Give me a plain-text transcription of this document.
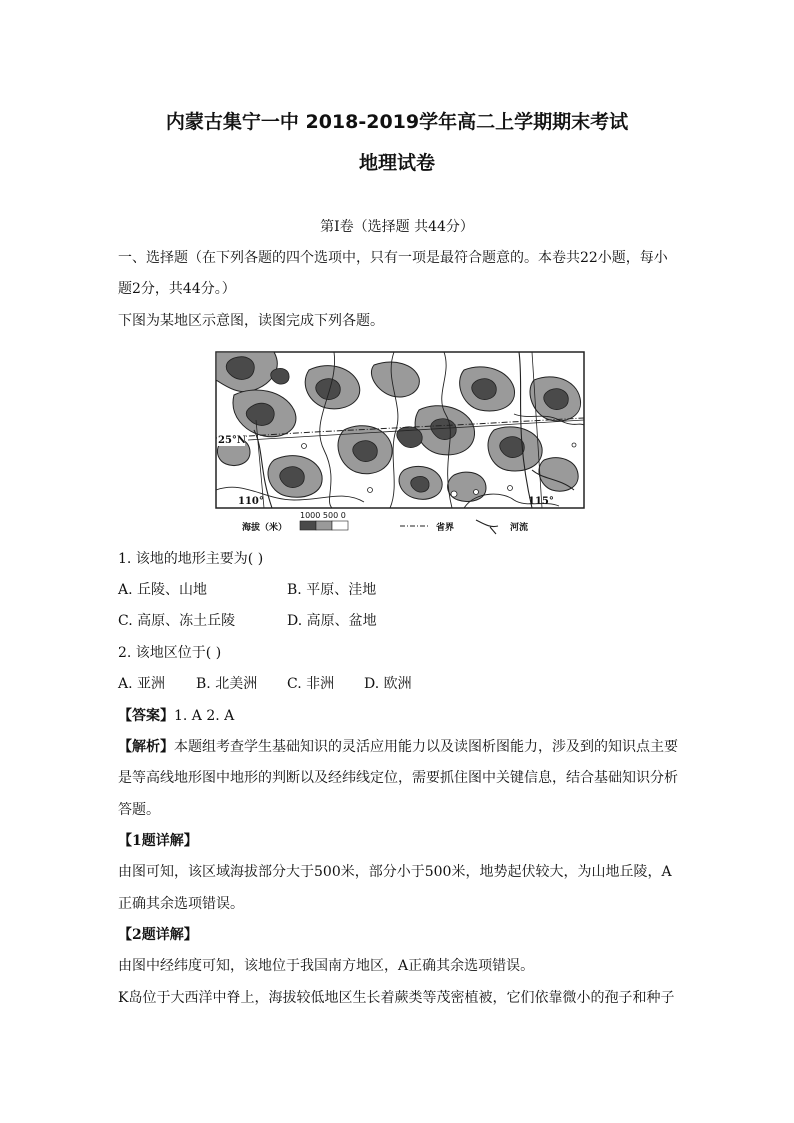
内蒙古集宁一中 2018-2019学年高二上学期期末考试
地理试卷
第Ⅰ卷（选择题 共44分）
一、选择题（在下列各题的四个选项中，只有一项是最符合题意的。本卷共22小题，每小
题2分，共44分。）
下图为某地区示意图，读图完成下列各题。
25°N
110°	115°
海拔（米）
1000 500 0
省界	河流
1. 该地的地形主要为( )
A. 丘陵、山地	B. 平原、洼地
C. 高原、冻土丘陵	D. 高原、盆地
2. 该地区位于( )
A. 亚洲 B. 北美洲 C. 非洲 D. 欧洲
【答案】1. A 2. A
【解析】本题组考查学生基础知识的灵活应用能力以及读图析图能力，涉及到的知识点主要
是等高线地形图中地形的判断以及经纬线定位，需要抓住图中关键信息，结合基础知识分析
答题。
【1题详解】
由图可知，该区域海拔部分大于500米，部分小于500米，地势起伏较大，为山地丘陵，A
正确其余选项错误。
【2题详解】
由图中经纬度可知，该地位于我国南方地区，A正确其余选项错误。
K岛位于大西洋中脊上，海拔较低地区生长着蕨类等茂密植被，它们依靠微小的孢子和种子
